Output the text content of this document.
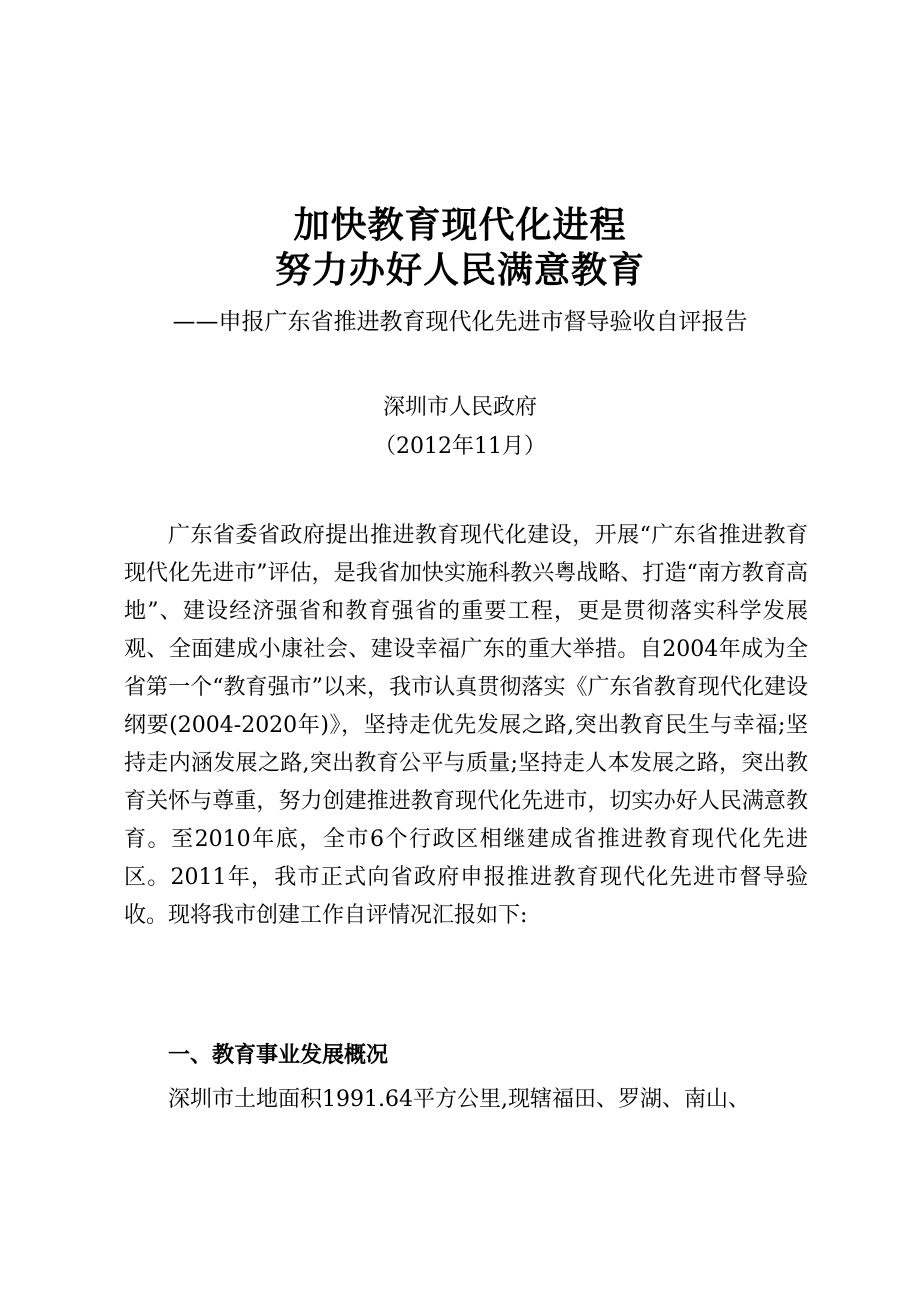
加快教育现代化进程
努力办好人民满意教育
——申报广东省推进教育现代化先进市督导验收自评报告
深圳市人民政府
（2012年11月）

广东省委省政府提出推进教育现代化建设，开展“广东省推进教育现代化先进市”评估，是我省加快实施科教兴粤战略、打造“南方教育高地”、建设经济强省和教育强省的重要工程，更是贯彻落实科学发展观、全面建成小康社会、建设幸福广东的重大举措。自2004年成为全省第一个“教育强市”以来，我市认真贯彻落实《广东省教育现代化建设纲要(2004-2020年)》，坚持走优先发展之路,突出教育民生与幸福;坚持走内涵发展之路,突出教育公平与质量;坚持走人本发展之路，突出教育关怀与尊重，努力创建推进教育现代化先进市，切实办好人民满意教育。至2010年底，全市6个行政区相继建成省推进教育现代化先进区。2011年，我市正式向省政府申报推进教育现代化先进市督导验收。现将我市创建工作自评情况汇报如下:

一、教育事业发展概况

深圳市土地面积1991.64平方公里,现辖福田、罗湖、南山、
